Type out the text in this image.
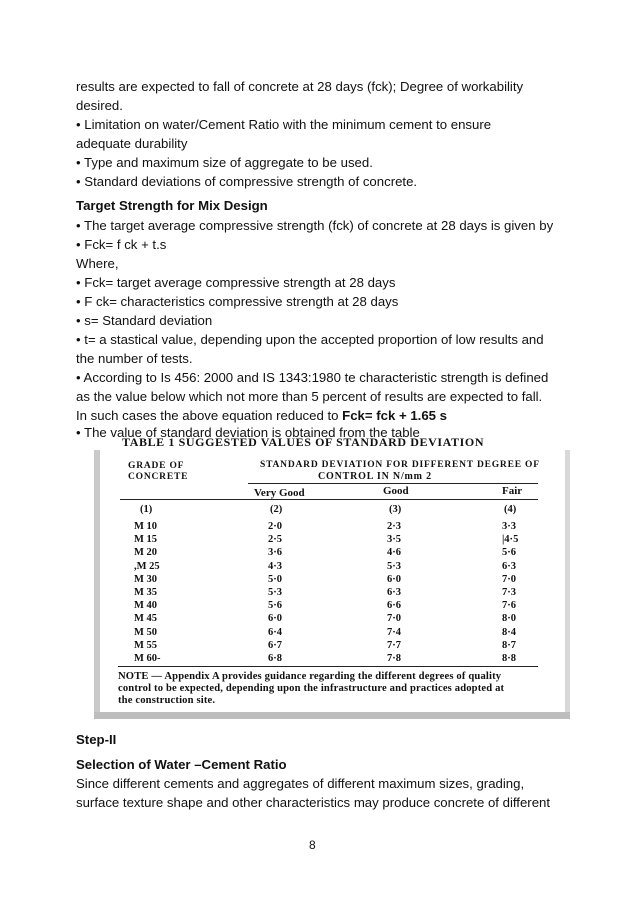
results are expected to fall of concrete at 28 days (fck); Degree of workability
desired.
• Limitation on water/Cement Ratio with the minimum cement to ensure
adequate durability
• Type and maximum size of aggregate to be used.
• Standard deviations of compressive strength of concrete.
Target Strength for Mix Design
• The target average compressive strength (fck) of concrete at 28 days is given by
• Fck= f ck + t.s
Where,
• Fck= target average compressive strength at 28 days
• F ck= characteristics compressive strength at 28 days
• s= Standard deviation
• t= a stastical value, depending upon the accepted proportion of low results and
the number of tests.
• According to Is 456: 2000 and IS 1343:1980 te characteristic strength is defined
as the value below which not more than 5 percent of results are expected to fall.
In such cases the above equation reduced to Fck= fck + 1.65 s
• The value of standard deviation is obtained from the table
TABLE 1 SUGGESTED VALUES OF STANDARD DEVIATION
GRADE OF
CONCRETE
STANDARD DEVIATION FOR DIFFERENT DEGREE OF
CONTROL IN N/mm 2
Very Good	Good	Fair
(1)	(2)	(3)	(4)
M 10	2·0	2·3	3·3
M 15	2·5	3·5	|4·5
M 20	3·6	4·6	5·6
,M 25	4·3	5·3	6·3
M 30	5·0	6·0	7·0
M 35	5·3	6·3	7·3
M 40	5·6	6·6	7·6
M 45	6·0	7·0	8·0
M 50	6·4	7·4	8·4
M 55	6·7	7·7	8·7
M 60-	6·8	7·8	8·8
NOTE — Appendix A provides guidance regarding the different degrees of quality
control to be expected, depending upon the infrastructure and practices adopted at
the construction site.
Step-II
Selection of Water –Cement Ratio
Since different cements and aggregates of different maximum sizes, grading,
surface texture shape and other characteristics may produce concrete of different
8
